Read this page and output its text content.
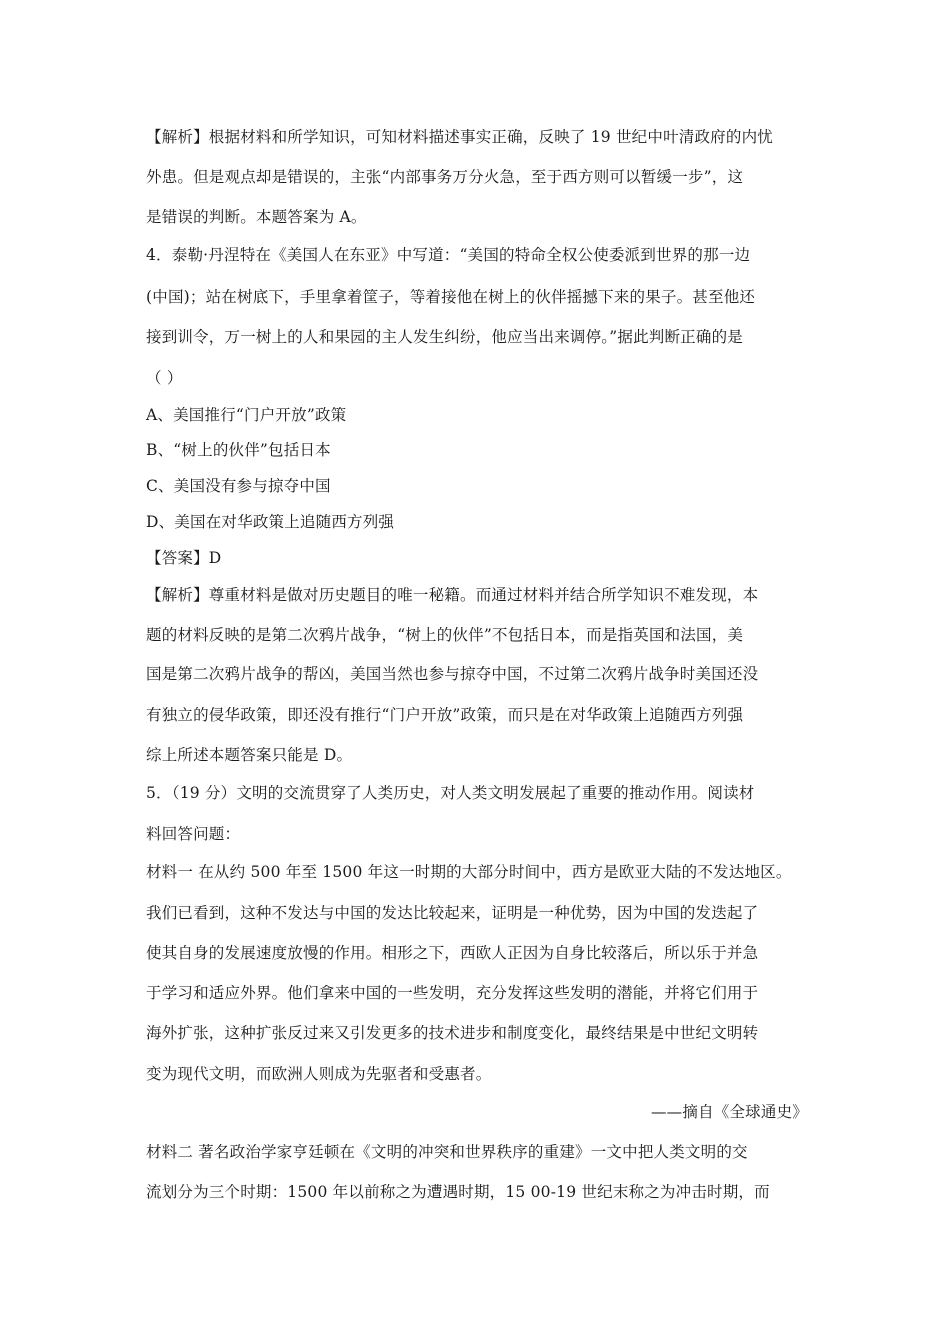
【解析】根据材料和所学知识，可知材料描述事实正确，反映了 19 世纪中叶清政府的内忧
外患。但是观点却是错误的，主张“内部事务万分火急，至于西方则可以暂缓一步”，这
是错误的判断。本题答案为 A。
4．泰勒·丹涅特在《美国人在东亚》中写道：“美国的特命全权公使委派到世界的那一边
(中国)；站在树底下，手里拿着筐子，等着接他在树上的伙伴摇撼下来的果子。甚至他还
接到训令，万一树上的人和果园的主人发生纠纷，他应当出来调停。”据此判断正确的是
（ ）
A、美国推行“门户开放”政策
B、“树上的伙伴”包括日本
C、美国没有参与掠夺中国
D、美国在对华政策上追随西方列强
【答案】D
【解析】尊重材料是做对历史题目的唯一秘籍。而通过材料并结合所学知识不难发现，本
题的材料反映的是第二次鸦片战争，“树上的伙伴”不包括日本，而是指英国和法国，美
国是第二次鸦片战争的帮凶，美国当然也参与掠夺中国，不过第二次鸦片战争时美国还没
有独立的侵华政策，即还没有推行“门户开放”政策，而只是在对华政策上追随西方列强
综上所述本题答案只能是 D。
5．（19 分）文明的交流贯穿了人类历史，对人类文明发展起了重要的推动作用。阅读材
料回答问题：
材料一 在从约 500 年至 1500 年这一时期的大部分时间中，西方是欧亚大陆的不发达地区。
我们已看到，这种不发达与中国的发达比较起来，证明是一种优势，因为中国的发迭起了
使其自身的发展速度放慢的作用。相形之下，西欧人正因为自身比较落后，所以乐于并急
于学习和适应外界。他们拿来中国的一些发明，充分发挥这些发明的潜能，并将它们用于
海外扩张，这种扩张反过来又引发更多的技术进步和制度变化，最终结果是中世纪文明转
变为现代文明，而欧洲人则成为先驱者和受惠者。
——摘自《全球通史》
材料二 著名政治学家亨廷顿在《文明的冲突和世界秩序的重建》一文中把人类文明的交
流划分为三个时期：1500 年以前称之为遭遇时期，15 00-19 世纪末称之为冲击时期，而
